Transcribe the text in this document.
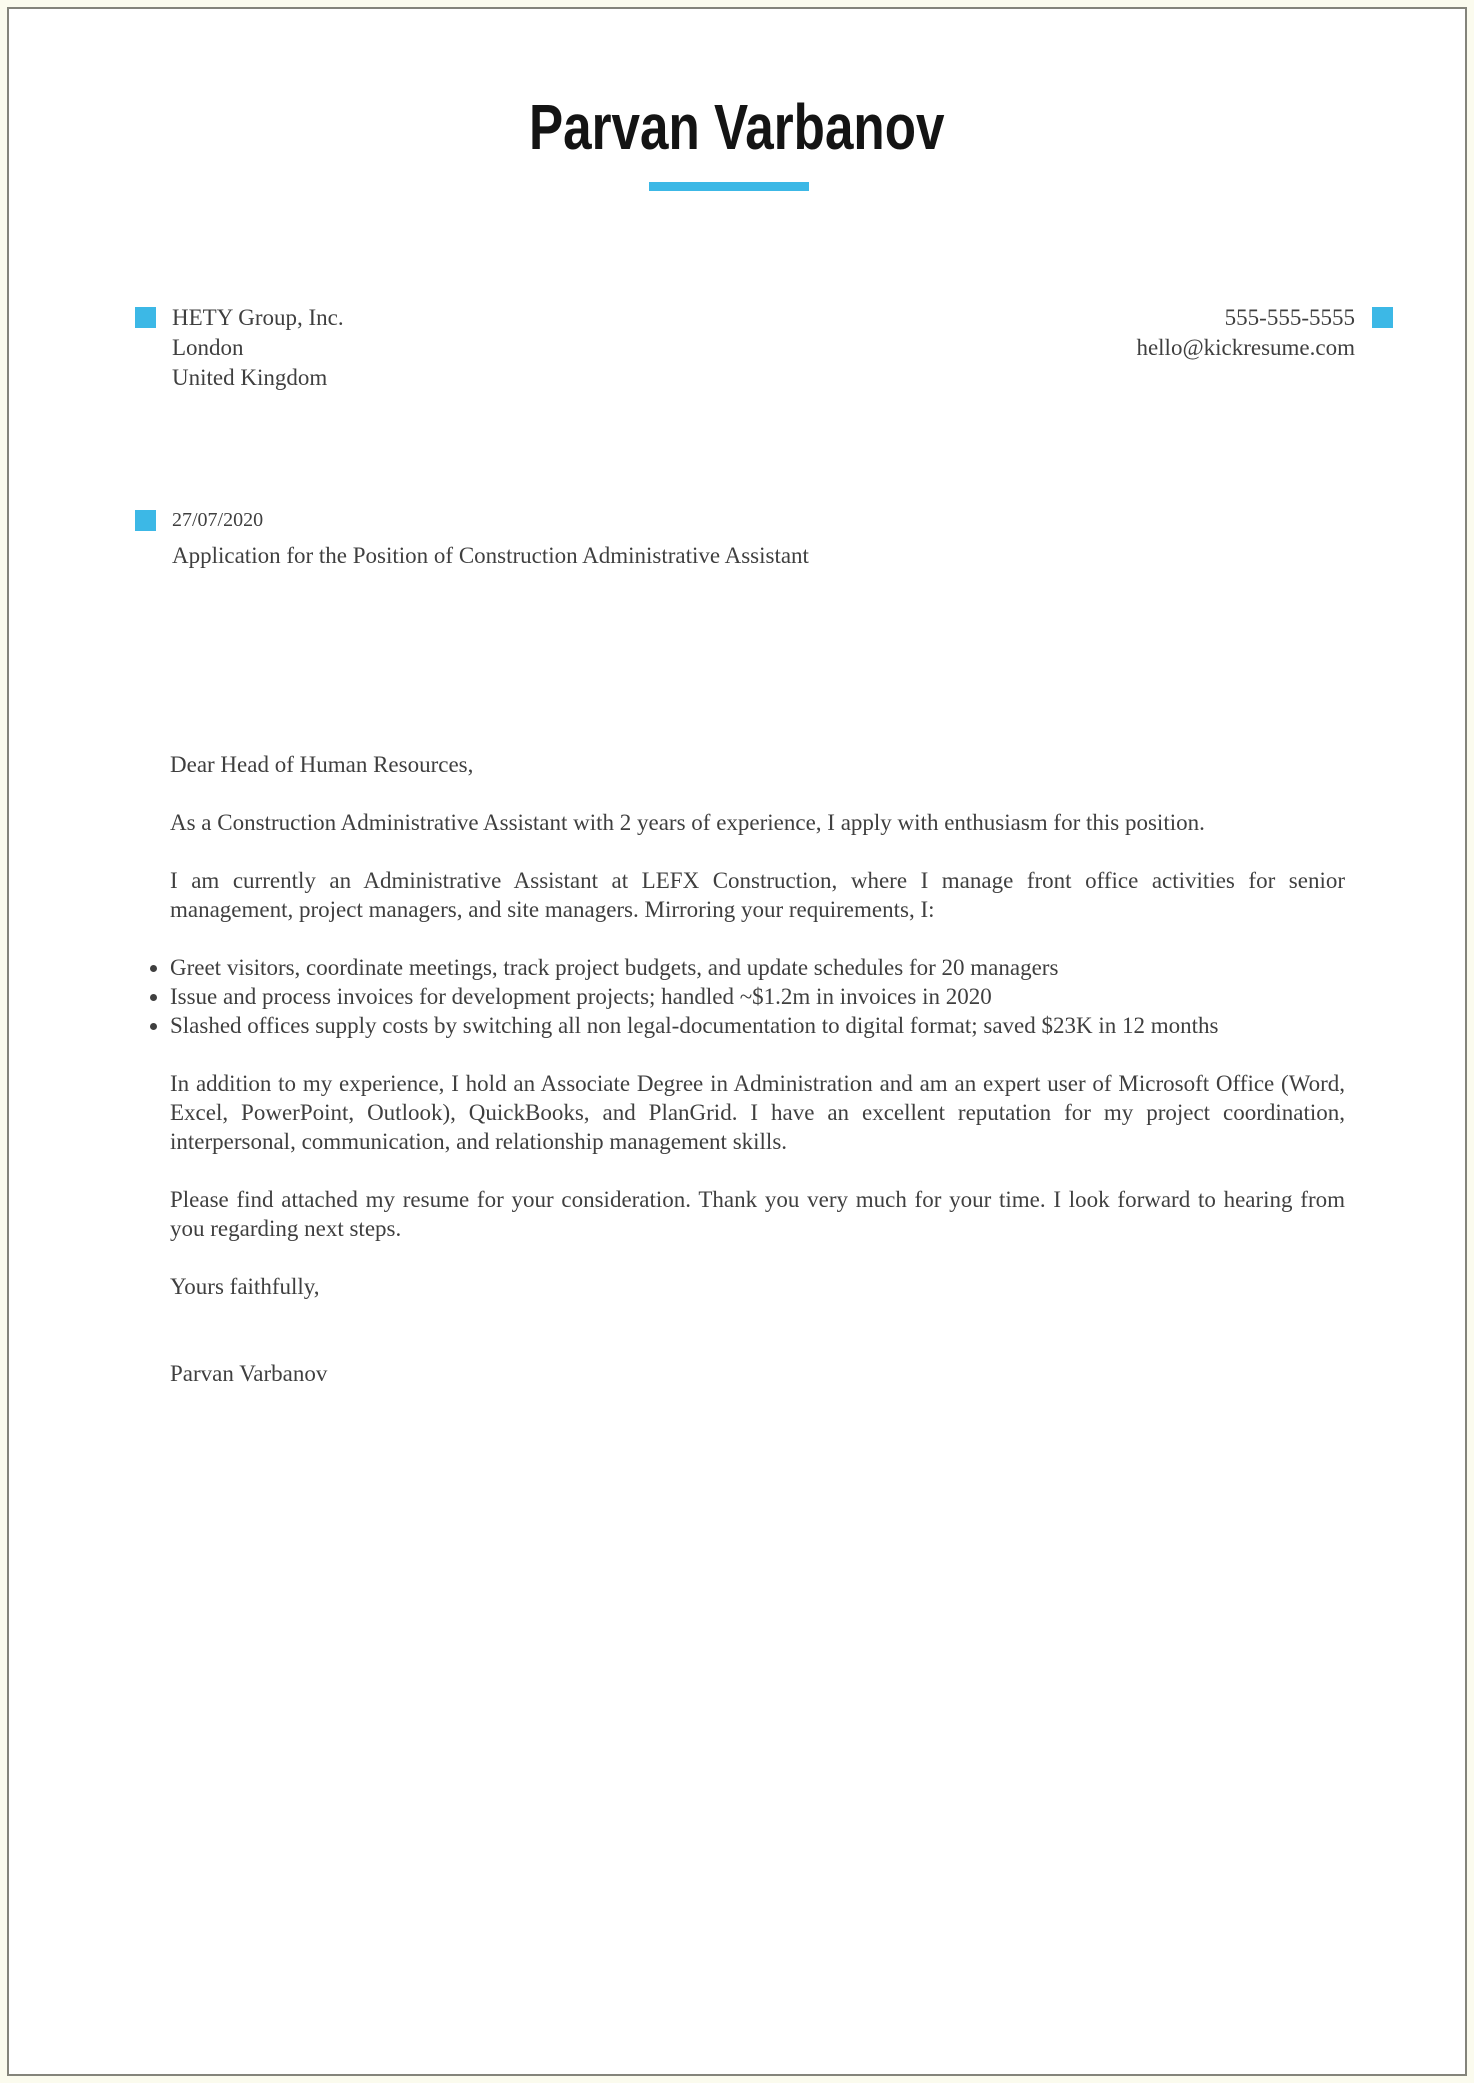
Parvan Varbanov
HETY Group, Inc.
London
United Kingdom
555-555-5555
hello@kickresume.com
27/07/2020
Application for the Position of Construction Administrative Assistant

Dear Head of Human Resources,

As a Construction Administrative Assistant with 2 years of experience, I apply with enthusiasm for this position.

I am currently an Administrative Assistant at LEFX Construction, where I manage front office activities for senior management, project managers, and site managers. Mirroring your requirements, I:

• Greet visitors, coordinate meetings, track project budgets, and update schedules for 20 managers
• Issue and process invoices for development projects; handled ~$1.2m in invoices in 2020
• Slashed offices supply costs by switching all non legal-documentation to digital format; saved $23K in 12 months

In addition to my experience, I hold an Associate Degree in Administration and am an expert user of Microsoft Office (Word, Excel, PowerPoint, Outlook), QuickBooks, and PlanGrid. I have an excellent reputation for my project coordination, interpersonal, communication, and relationship management skills.

Please find attached my resume for your consideration. Thank you very much for your time. I look forward to hearing from you regarding next steps.

Yours faithfully,

Parvan Varbanov
